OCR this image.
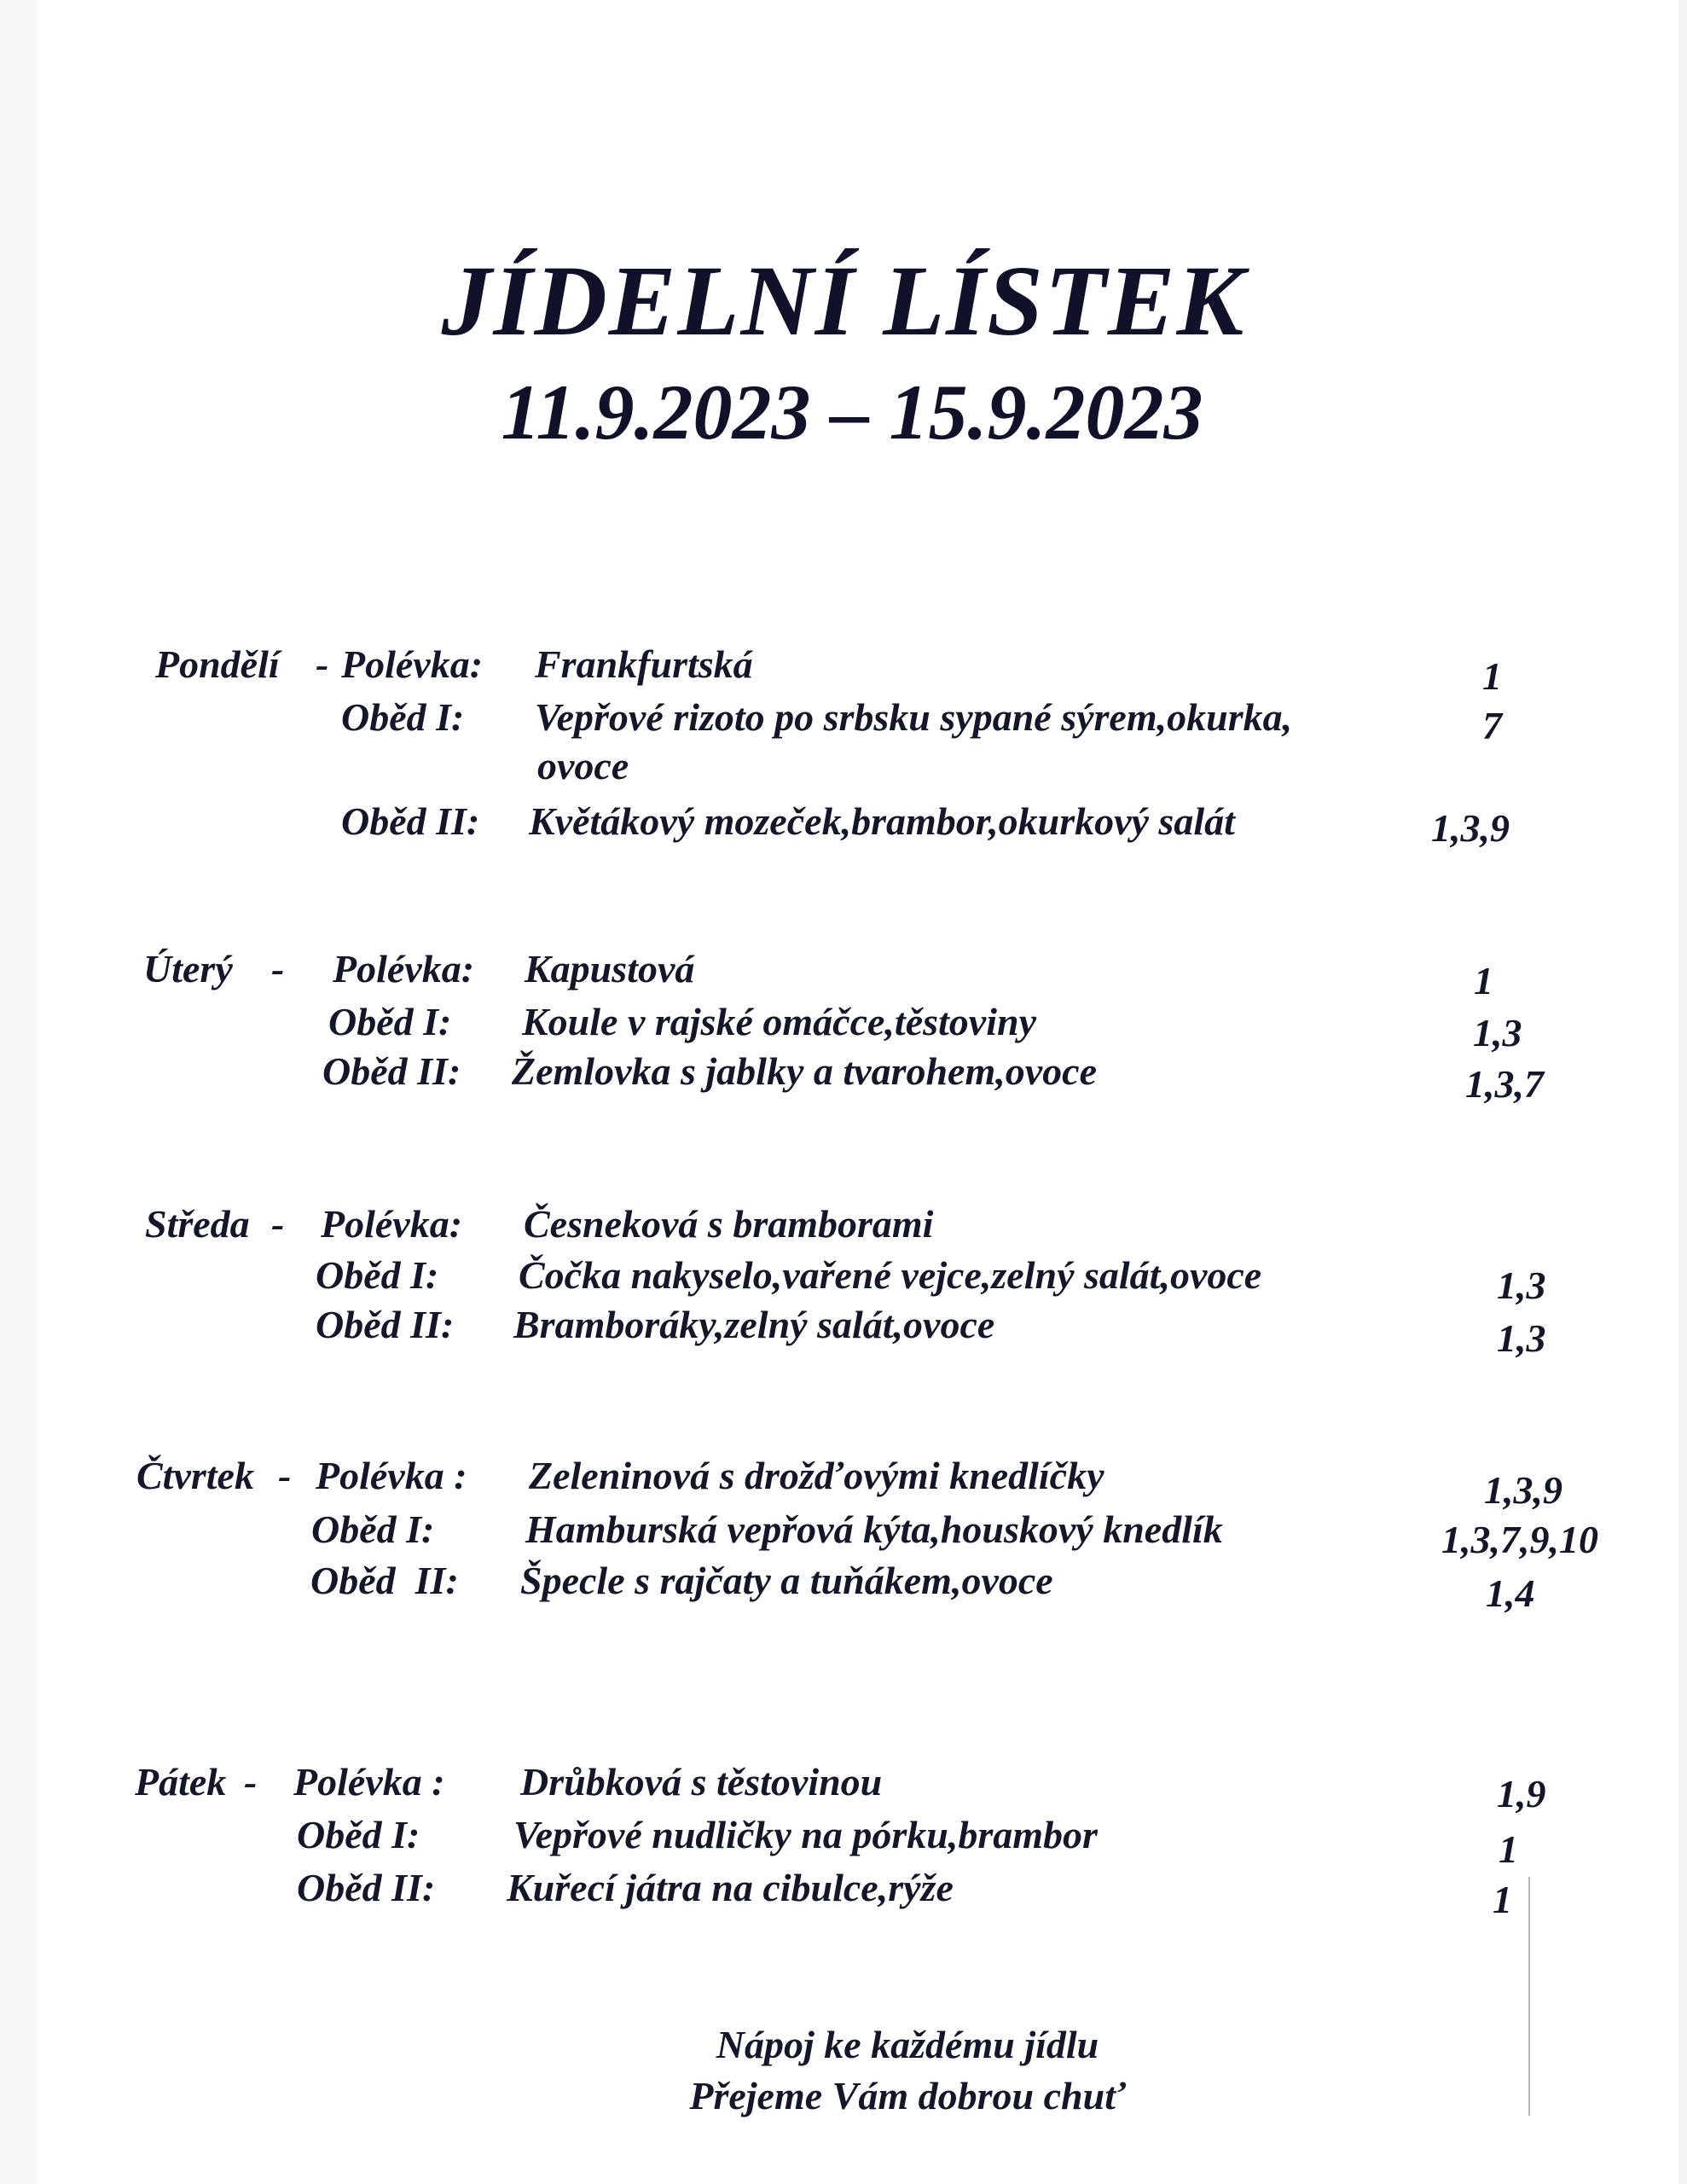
JÍDELNÍ LÍSTEK
11.9.2023 – 15.9.2023
Pondělí - Polévka: Frankfurtská	1
Oběd I: Vepřové rizoto po srbsku sypané sýrem,okurka,	7
ovoce
Oběd II: Květákový mozeček,brambor,okurkový salát	1,3,9
Úterý - Polévka: Kapustová	1
Oběd I: Koule v rajské omáčce,těstoviny	1,3
Oběd II: Žemlovka s jablky a tvarohem,ovoce	1,3,7
Středa - Polévka: Česneková s bramborami
Oběd I: Čočka nakyselo,vařené vejce,zelný salát,ovoce	1,3
Oběd II: Bramboráky,zelný salát,ovoce	1,3
Čtvrtek - Polévka : Zeleninová s drožďovými knedlíčky	1,3,9
Oběd I: Hamburská vepřová kýta,houskový knedlík	1,3,7,9,10
Oběd  II: Špecle s rajčaty a tuňákem,ovoce	1,4
Pátek - Polévka : Drůbková s těstovinou	1,9
Oběd I: Vepřové nudličky na pórku,brambor	1
Oběd II: Kuřecí játra na cibulce,rýže	1
Nápoj ke každému jídlu
Přejeme Vám dobrou chuť
